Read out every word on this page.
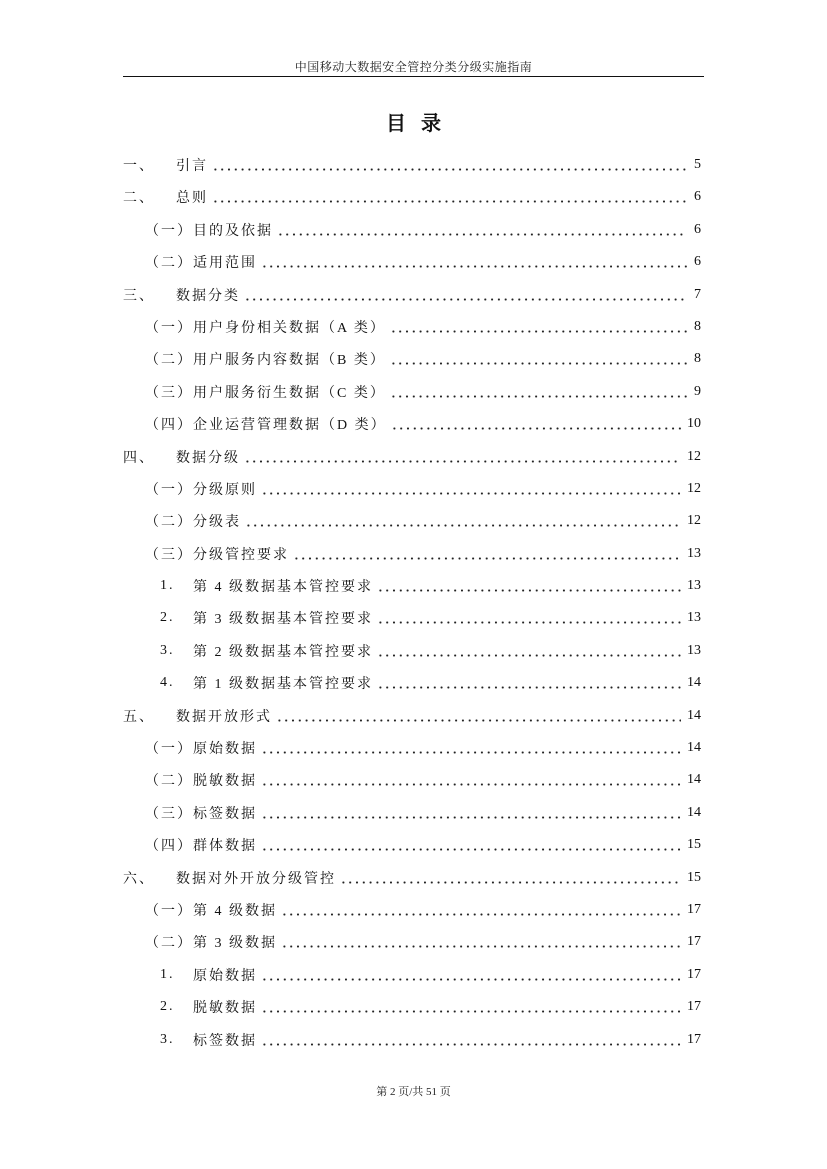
中国移动大数据安全管控分类分级实施指南
目 录
一、	引言	5
二、	总则	6
（一） 目的及依据	6
（二） 适用范围	6
三、	数据分类	7
（一） 用户身份相关数据（A 类）	8
（二） 用户服务内容数据（B 类）	8
（三） 用户服务衍生数据（C 类）	9
（四） 企业运营管理数据（D 类）	10
四、	数据分级	12
（一） 分级原则	12
（二） 分级表	12
（三） 分级管控要求	13
1.	第 4 级数据基本管控要求	13
2.	第 3 级数据基本管控要求	13
3.	第 2 级数据基本管控要求	13
4.	第 1 级数据基本管控要求	14
五、	数据开放形式	14
（一） 原始数据	14
（二） 脱敏数据	14
（三） 标签数据	14
（四） 群体数据	15
六、	数据对外开放分级管控	15
（一） 第 4 级数据	17
（二） 第 3 级数据	17
1.	原始数据	17
2.	脱敏数据	17
3.	标签数据	17
第 2 页/共 51 页
